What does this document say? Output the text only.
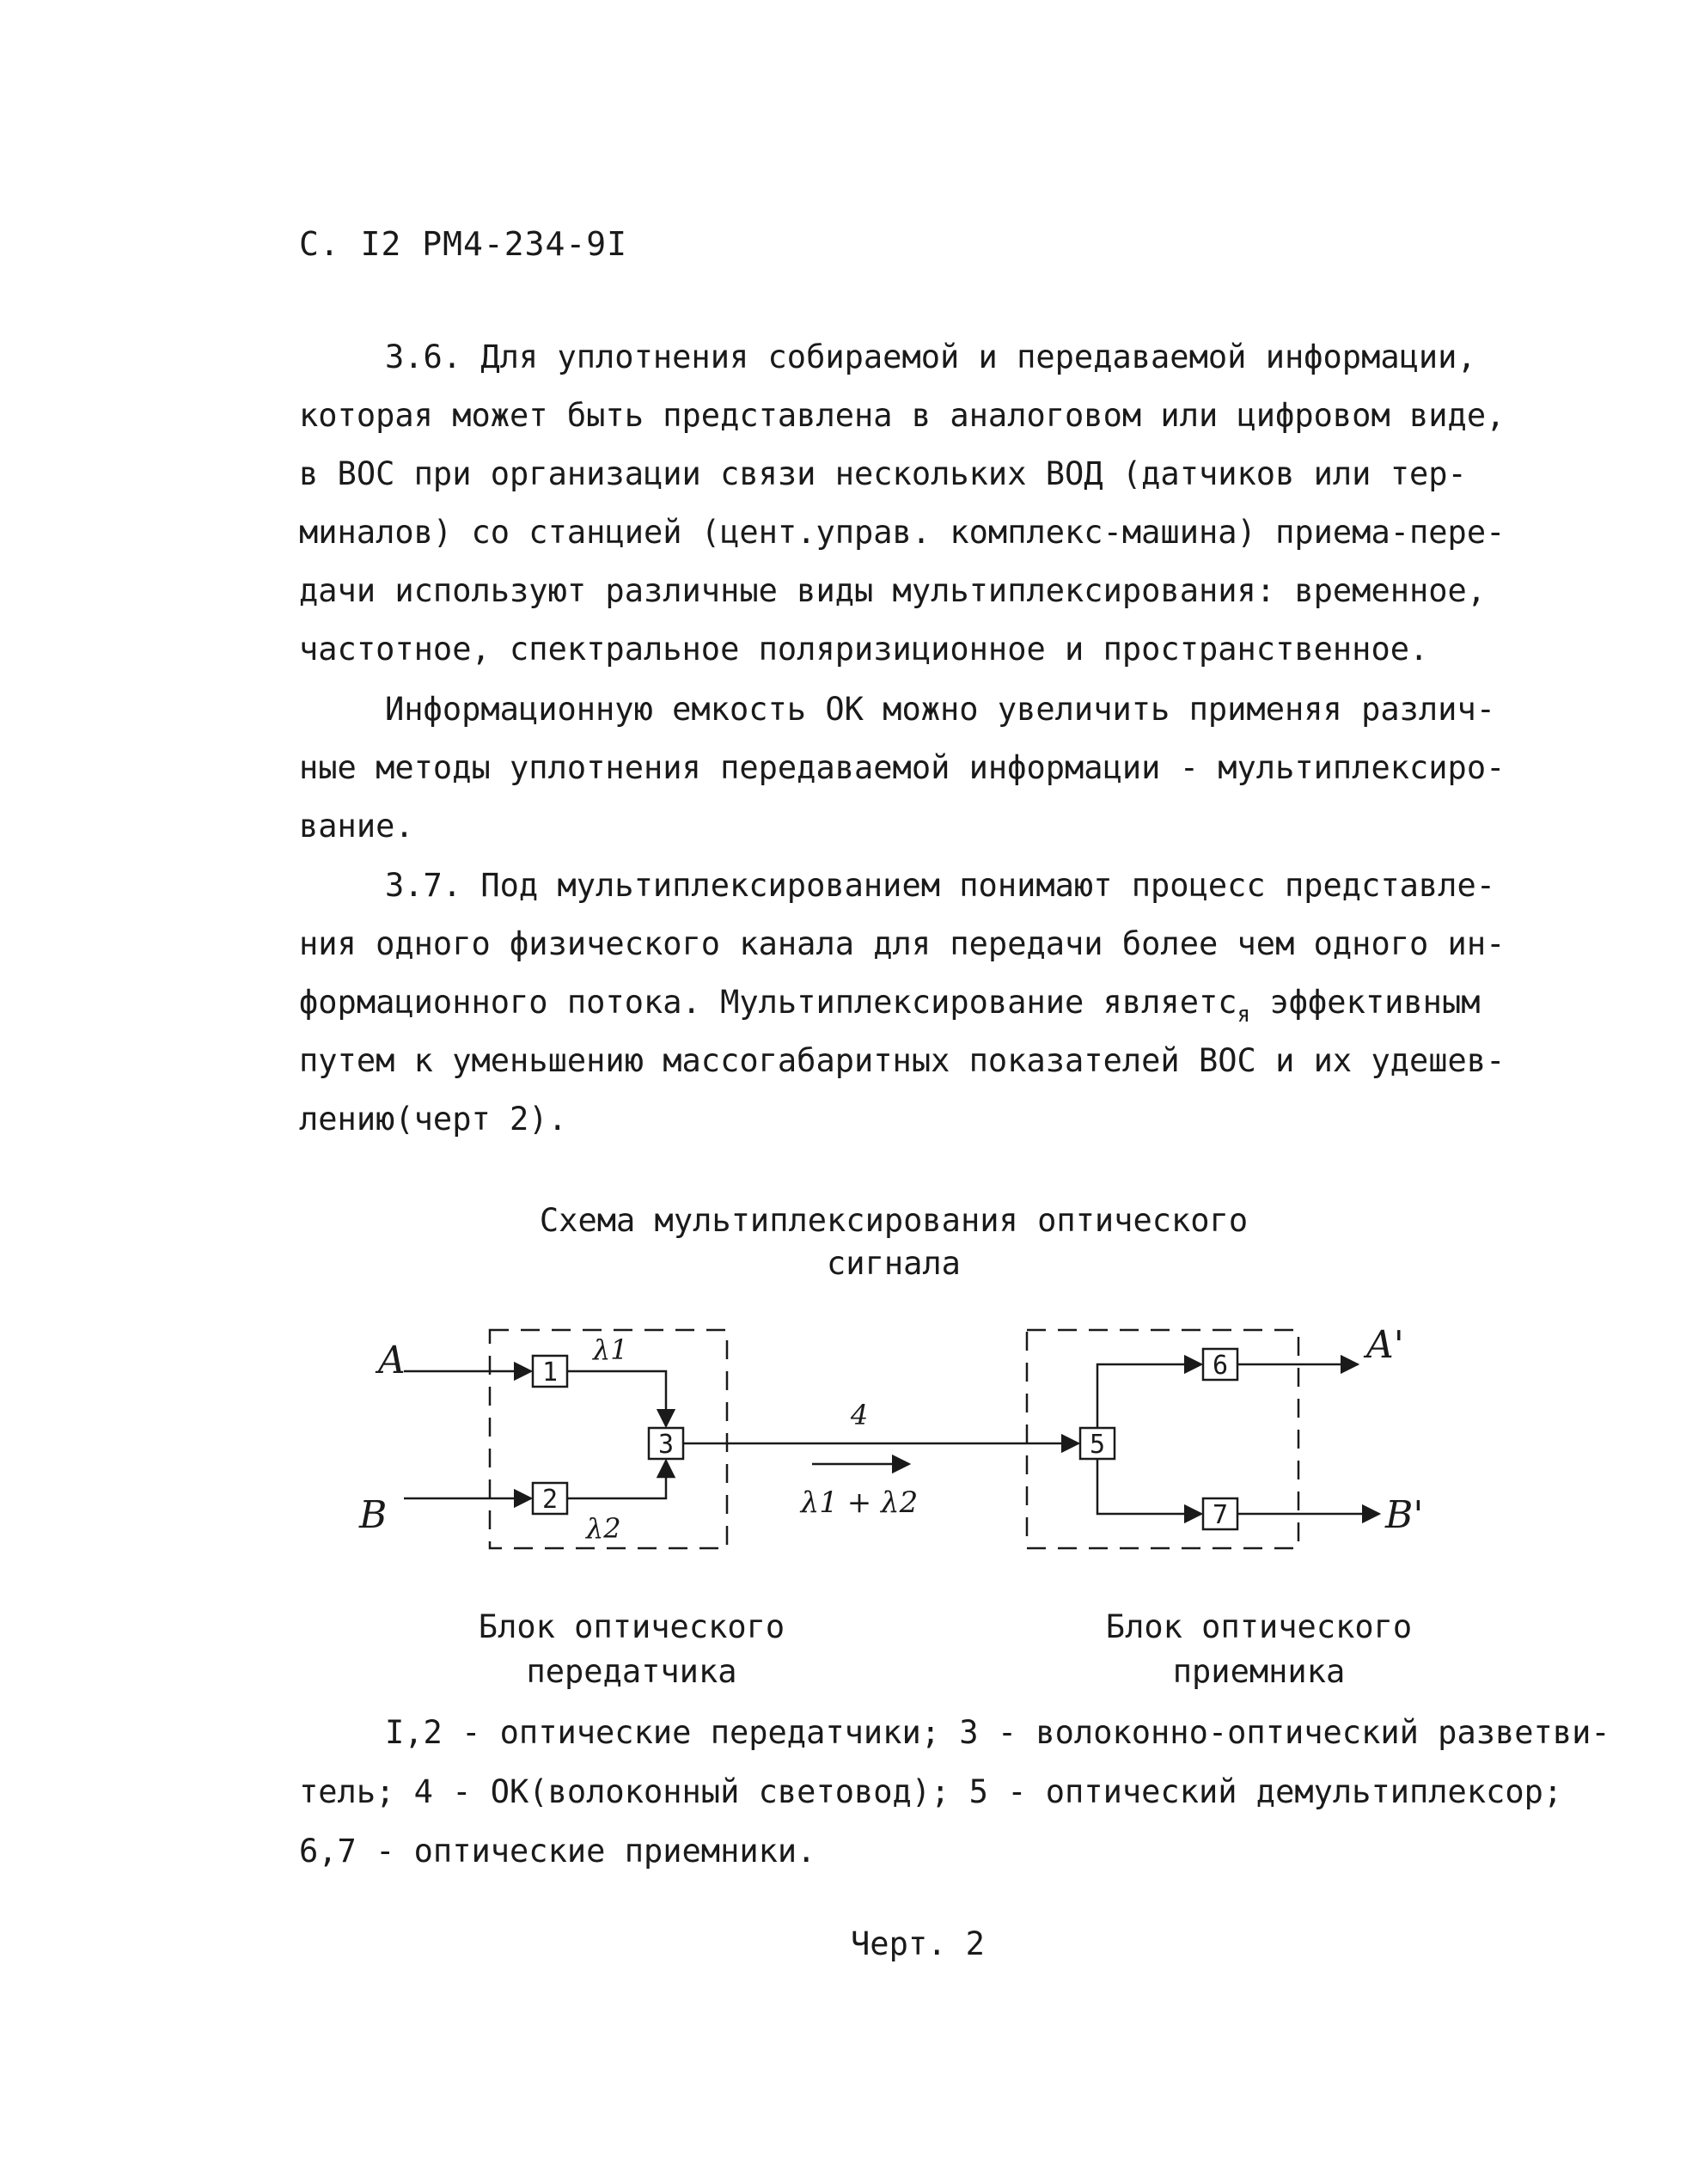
С. I2 РМ4-234-9I
3.6. Для уплотнения собираемой и передаваемой информации,
которая может быть представлена в аналоговом или цифровом виде,
в ВОС при организации связи нескольких ВОД (датчиков или тер-
миналов) со станцией (цент.управ. комплекс-машина) приема-пере-
дачи используют различные виды мультиплексирования: временное,
частотное, спектральное поляризиционное и пространственное.
Информационную емкость ОК можно увеличить применяя различ-
ные методы уплотнения передаваемой информации - мультиплексиро-
вание.
3.7. Под мультиплексированием понимают процесс представле-
ния одного физического канала для передачи более чем одного ин-
формационного потока. Мультиплексирование являетс$_я$ эффективным
путем к уменьшению массогабаритных показателей ВОС и их удешев-
лению(черт 2).
Схема мультиплексирования оптического
сигнала
1
2
3
4
λ1 + λ2
5
6
7
A
B
A'
B'
λ1
λ2
Блок оптического
передатчика
Блок оптического
приемника
I,2 - оптические передатчики; 3 - волоконно-оптический разветви-
тель; 4 - ОК(волоконный световод); 5 - оптический демультиплексор;
6,7 - оптические приемники.
Черт. 2
